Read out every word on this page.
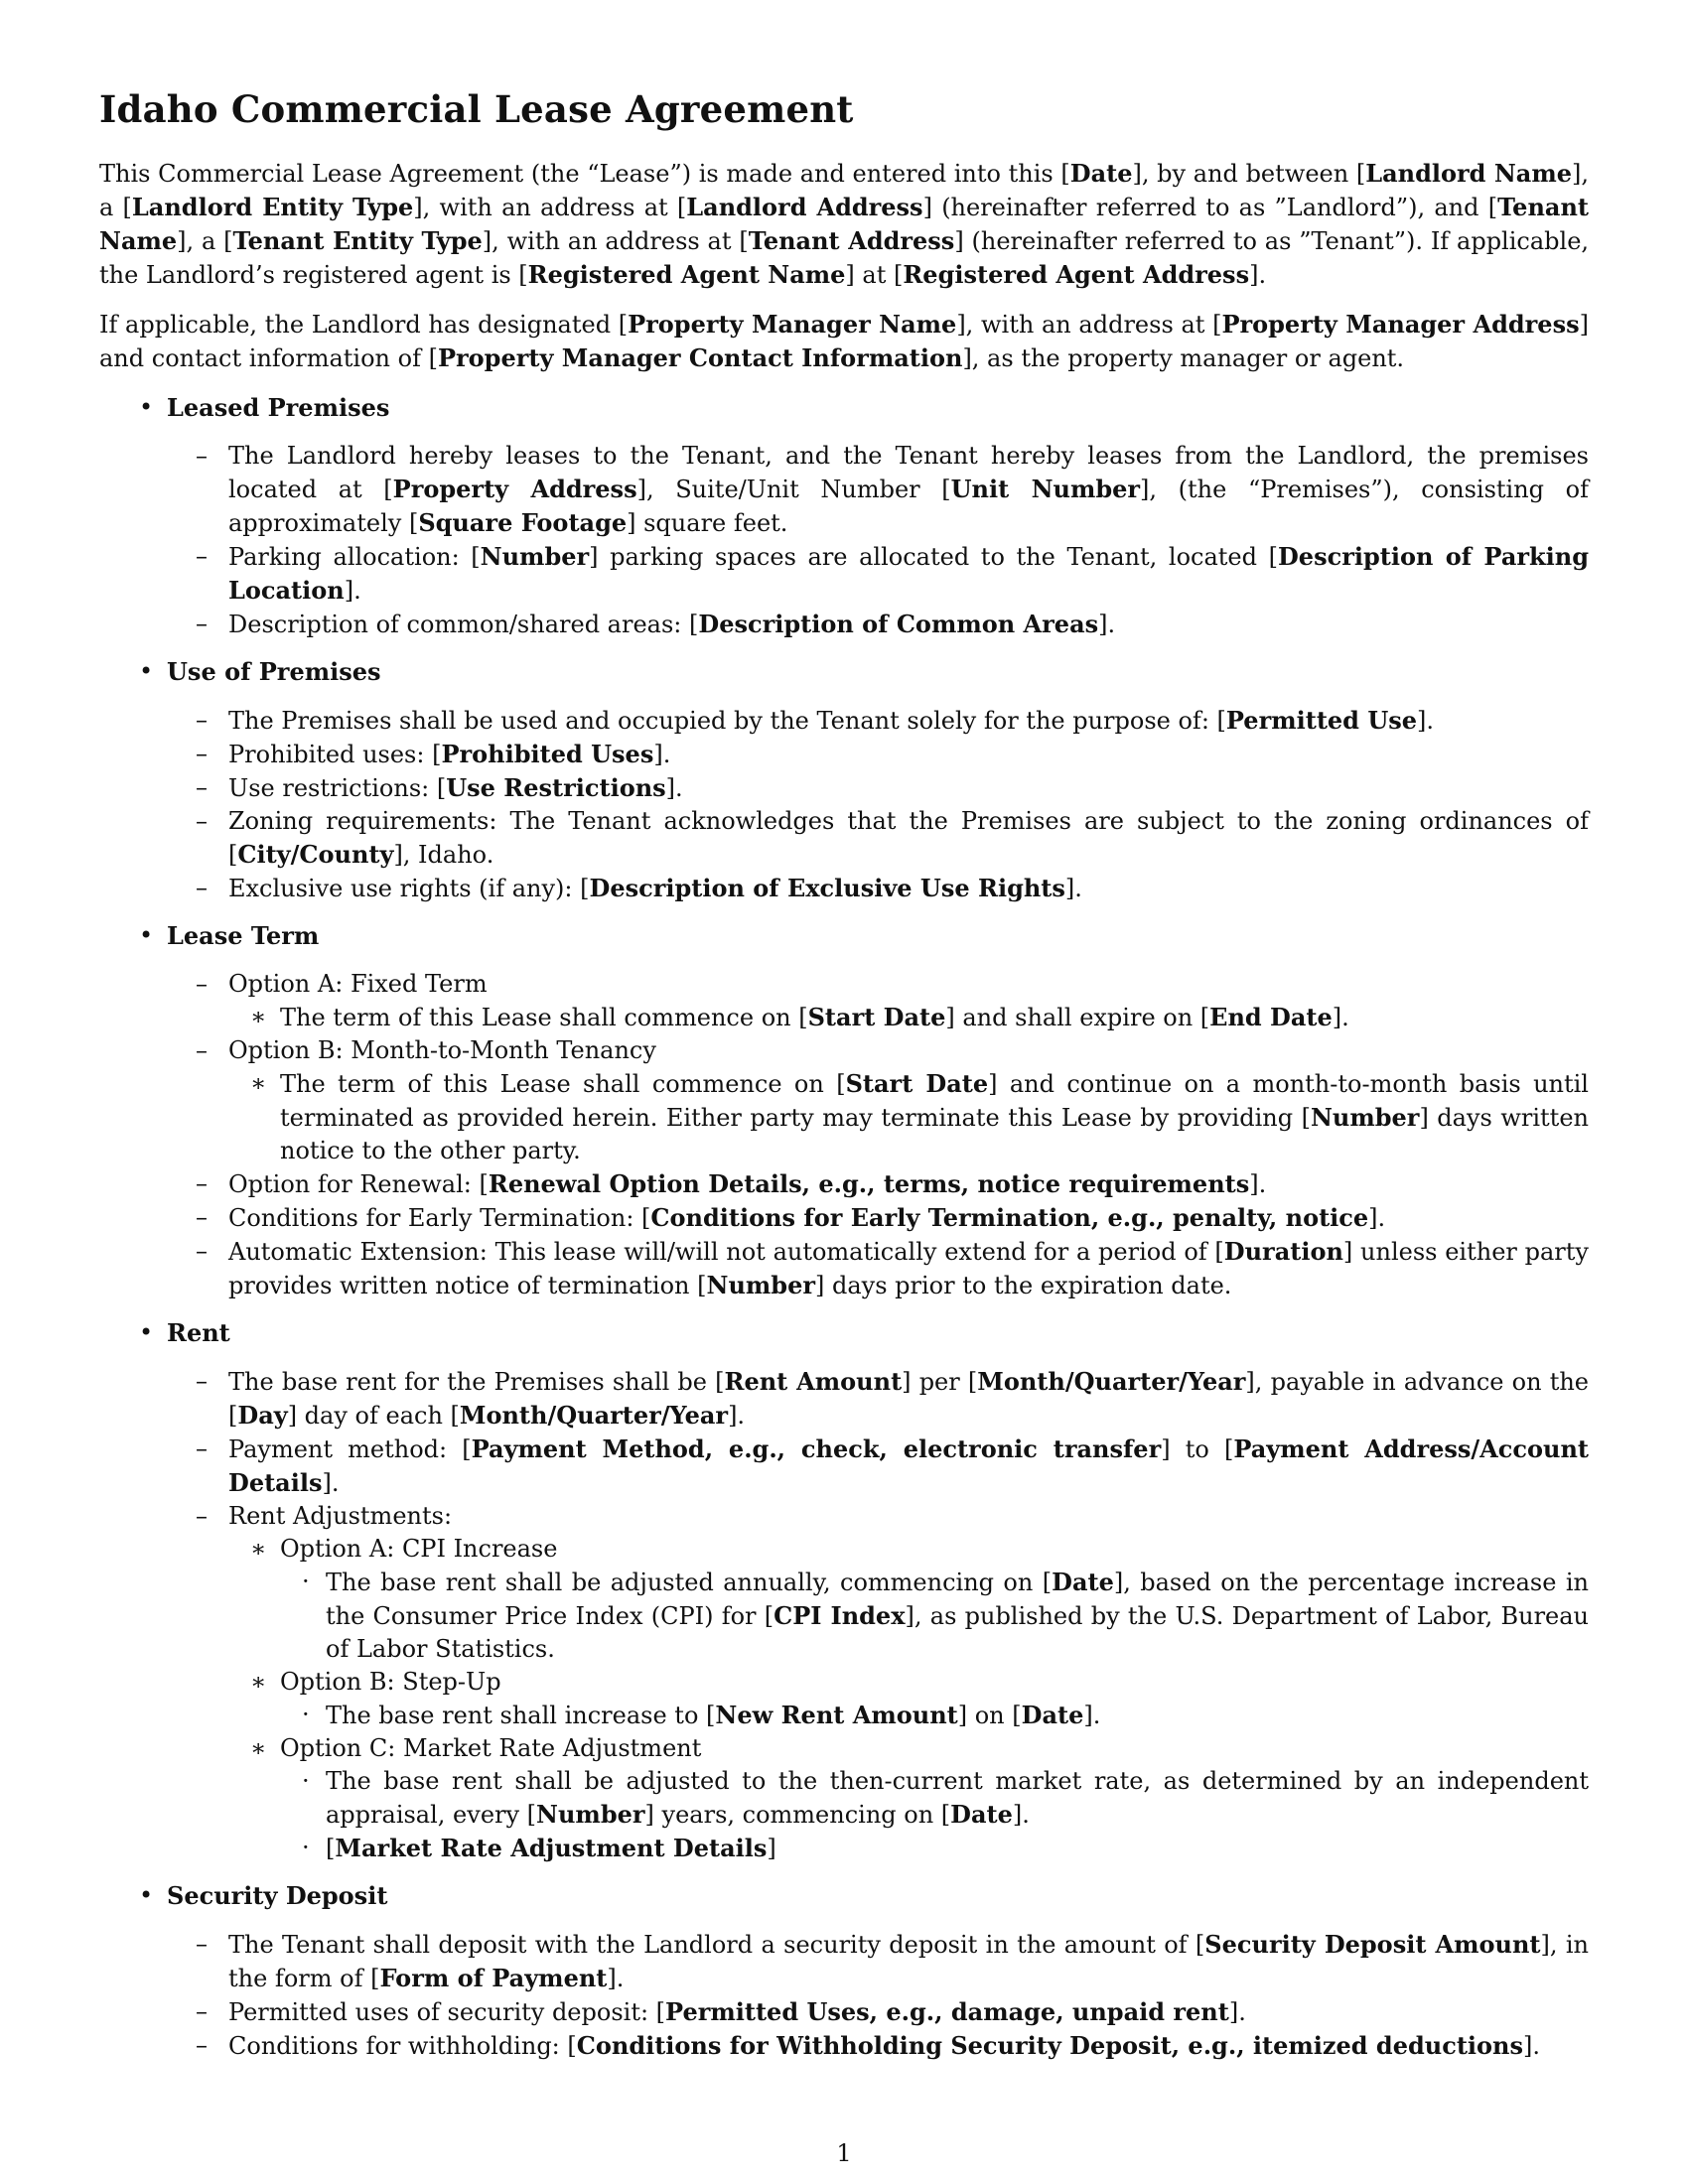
Idaho Commercial Lease Agreement

This Commercial Lease Agreement (the “Lease”) is made and entered into this [Date], by and between [Landlord Name], a [Landlord Entity Type], with an address at [Landlord Address] (hereinafter referred to as ”Landlord”), and [Tenant Name], a [Tenant Entity Type], with an address at [Tenant Address] (hereinafter referred to as ”Tenant”). If applicable, the Landlord’s registered agent is [Registered Agent Name] at [Registered Agent Address].

If applicable, the Landlord has designated [Property Manager Name], with an address at [Property Manager Address] and contact information of [Property Manager Contact Information], as the property manager or agent.

• Leased Premises
– The Landlord hereby leases to the Tenant, and the Tenant hereby leases from the Landlord, the premises located at [Property Address], Suite/Unit Number [Unit Number], (the “Premises”), consisting of approximately [Square Footage] square feet.
– Parking allocation: [Number] parking spaces are allocated to the Tenant, located [Description of Parking Location].
– Description of common/shared areas: [Description of Common Areas].
• Use of Premises
– The Premises shall be used and occupied by the Tenant solely for the purpose of: [Permitted Use].
– Prohibited uses: [Prohibited Uses].
– Use restrictions: [Use Restrictions].
– Zoning requirements: The Tenant acknowledges that the Premises are subject to the zoning ordinances of [City/County], Idaho.
– Exclusive use rights (if any): [Description of Exclusive Use Rights].
• Lease Term
– Option A: Fixed Term
∗ The term of this Lease shall commence on [Start Date] and shall expire on [End Date].
– Option B: Month-to-Month Tenancy
∗ The term of this Lease shall commence on [Start Date] and continue on a month-to-month basis until terminated as provided herein. Either party may terminate this Lease by providing [Number] days written notice to the other party.
– Option for Renewal: [Renewal Option Details, e.g., terms, notice requirements].
– Conditions for Early Termination: [Conditions for Early Termination, e.g., penalty, notice].
– Automatic Extension: This lease will/will not automatically extend for a period of [Duration] unless either party provides written notice of termination [Number] days prior to the expiration date.
• Rent
– The base rent for the Premises shall be [Rent Amount] per [Month/Quarter/Year], payable in advance on the [Day] day of each [Month/Quarter/Year].
– Payment method: [Payment Method, e.g., check, electronic transfer] to [Payment Address/Account Details].
– Rent Adjustments:
∗ Option A: CPI Increase
· The base rent shall be adjusted annually, commencing on [Date], based on the percentage increase in the Consumer Price Index (CPI) for [CPI Index], as published by the U.S. Department of Labor, Bureau of Labor Statistics.
∗ Option B: Step-Up
· The base rent shall increase to [New Rent Amount] on [Date].
∗ Option C: Market Rate Adjustment
· The base rent shall be adjusted to the then-current market rate, as determined by an independent appraisal, every [Number] years, commencing on [Date].
· [Market Rate Adjustment Details]
• Security Deposit
– The Tenant shall deposit with the Landlord a security deposit in the amount of [Security Deposit Amount], in the form of [Form of Payment].
– Permitted uses of security deposit: [Permitted Uses, e.g., damage, unpaid rent].
– Conditions for withholding: [Conditions for Withholding Security Deposit, e.g., itemized deductions].
1
